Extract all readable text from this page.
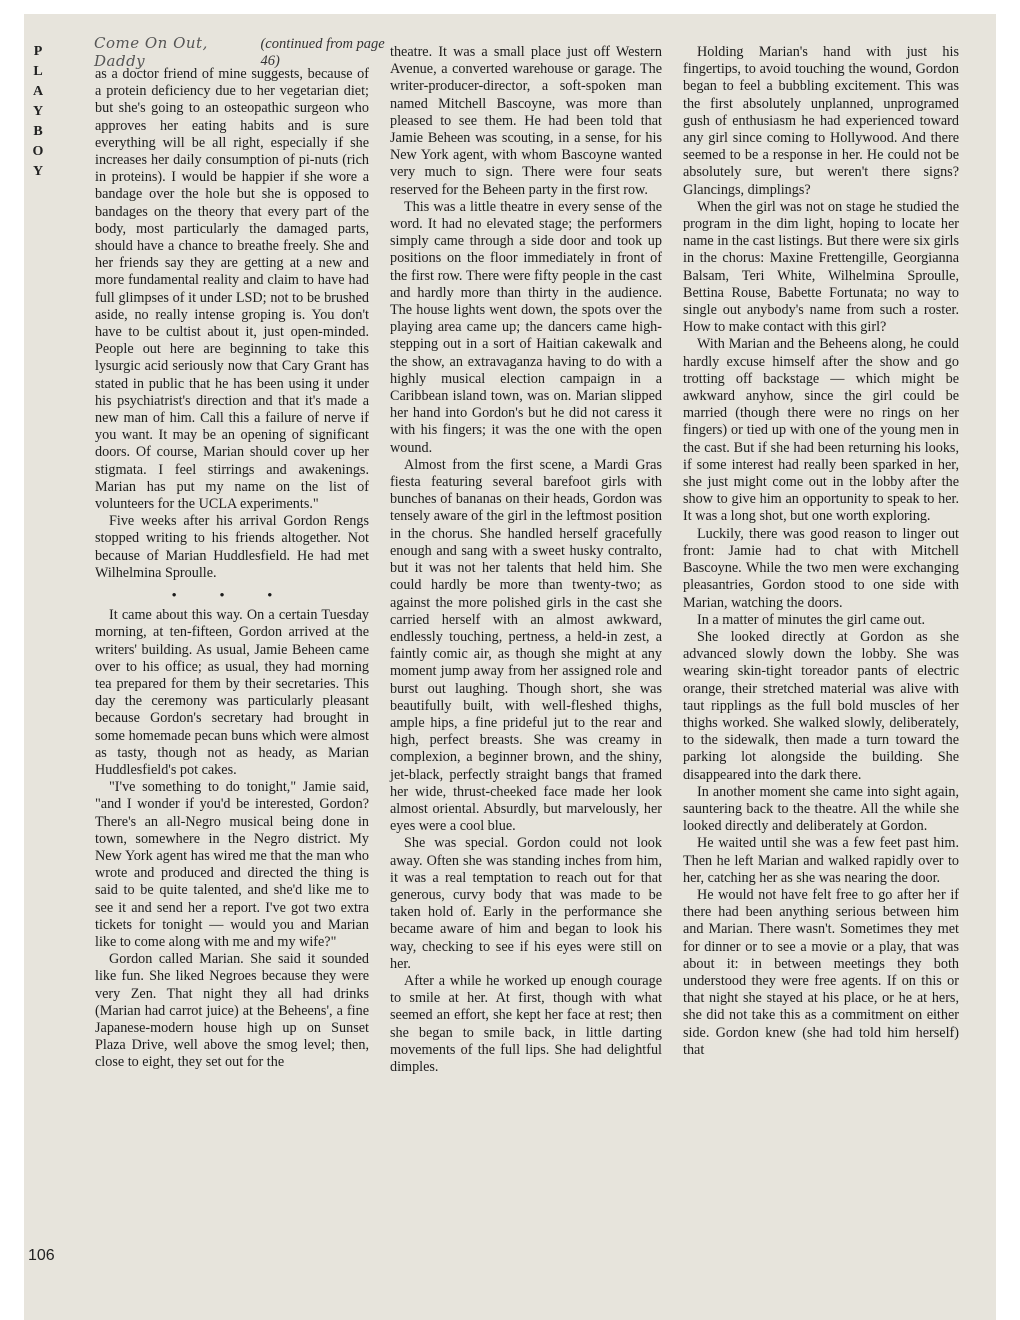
P
L
A
Y
B
O
Y
Come On Out, Daddy
(continued from page 46)

as a doctor friend of mine suggests, because of a protein deficiency due to her vegetarian diet; but she's going to an osteopathic surgeon who approves her eating habits and is sure everything will be all right, especially if she increases her daily consumption of pi-nuts (rich in proteins). I would be happier if she wore a bandage over the hole but she is opposed to bandages on the theory that every part of the body, most particularly the damaged parts, should have a chance to breathe freely. She and her friends say they are getting at a new and more fundamental reality and claim to have had full glimpses of it under LSD; not to be brushed aside, no really intense groping is. You don't have to be cultist about it, just open-minded. People out here are beginning to take this lysurgic acid seriously now that Cary Grant has stated in public that he has been using it under his psychiatrist's direction and that it's made a new man of him. Call this a failure of nerve if you want. It may be an opening of significant doors. Of course, Marian should cover up her stigmata. I feel stirrings and awakenings. Marian has put my name on the list of volunteers for the UCLA experiments."

Five weeks after his arrival Gordon Rengs stopped writing to his friends altogether. Not because of Marian Huddlesfield. He had met Wilhelmina Sproulle.

• • •

It came about this way. On a certain Tuesday morning, at ten-fifteen, Gordon arrived at the writers' building. As usual, Jamie Beheen came over to his office; as usual, they had morning tea prepared for them by their secretaries. This day the ceremony was particularly pleasant because Gordon's secretary had brought in some homemade pecan buns which were almost as tasty, though not as heady, as Marian Huddlesfield's pot cakes.

"I've something to do tonight," Jamie said, "and I wonder if you'd be interested, Gordon? There's an all-Negro musical being done in town, somewhere in the Negro district. My New York agent has wired me that the man who wrote and produced and directed the thing is said to be quite talented, and she'd like me to see it and send her a report. I've got two extra tickets for tonight — would you and Marian like to come along with me and my wife?"

Gordon called Marian. She said it sounded like fun. She liked Negroes because they were very Zen. That night they all had drinks (Marian had carrot juice) at the Beheens', a fine Japanese-modern house high up on Sunset Plaza Drive, well above the smog level; then, close to eight, they set out for the

theatre. It was a small place just off Western Avenue, a converted warehouse or garage. The writer-producer-director, a soft-spoken man named Mitchell Bascoyne, was more than pleased to see them. He had been told that Jamie Beheen was scouting, in a sense, for his New York agent, with whom Bascoyne wanted very much to sign. There were four seats reserved for the Beheen party in the first row.

This was a little theatre in every sense of the word. It had no elevated stage; the performers simply came through a side door and took up positions on the floor immediately in front of the first row. There were fifty people in the cast and hardly more than thirty in the audience. The house lights went down, the spots over the playing area came up; the dancers came high-stepping out in a sort of Haitian cakewalk and the show, an extravaganza having to do with a highly musical election campaign in a Caribbean island town, was on. Marian slipped her hand into Gordon's but he did not caress it with his fingers; it was the one with the open wound.

Almost from the first scene, a Mardi Gras fiesta featuring several barefoot girls with bunches of bananas on their heads, Gordon was tensely aware of the girl in the leftmost position in the chorus. She handled herself gracefully enough and sang with a sweet husky contralto, but it was not her talents that held him. She could hardly be more than twenty-two; as against the more polished girls in the cast she carried herself with an almost awkward, endlessly touching, pertness, a held-in zest, a faintly comic air, as though she might at any moment jump away from her assigned role and burst out laughing. Though short, she was beautifully built, with well-fleshed thighs, ample hips, a fine prideful jut to the rear and high, perfect breasts. She was creamy in complexion, a beginner brown, and the shiny, jet-black, perfectly straight bangs that framed her wide, thrust-cheeked face made her look almost oriental. Absurdly, but marvelously, her eyes were a cool blue.

She was special. Gordon could not look away. Often she was standing inches from him, it was a real temptation to reach out for that generous, curvy body that was made to be taken hold of. Early in the performance she became aware of him and began to look his way, checking to see if his eyes were still on her.

After a while he worked up enough courage to smile at her. At first, though with what seemed an effort, she kept her face at rest; then she began to smile back, in little darting movements of the full lips. She had delightful dimples.

Holding Marian's hand with just his fingertips, to avoid touching the wound, Gordon began to feel a bubbling excitement. This was the first absolutely unplanned, unprogramed gush of enthusiasm he had experienced toward any girl since coming to Hollywood. And there seemed to be a response in her. He could not be absolutely sure, but weren't there signs? Glancings, dimplings?

When the girl was not on stage he studied the program in the dim light, hoping to locate her name in the cast listings. But there were six girls in the chorus: Maxine Frettengille, Georgianna Balsam, Teri White, Wilhelmina Sproulle, Bettina Rouse, Babette Fortunata; no way to single out anybody's name from such a roster. How to make contact with this girl?

With Marian and the Beheens along, he could hardly excuse himself after the show and go trotting off backstage — which might be awkward anyhow, since the girl could be married (though there were no rings on her fingers) or tied up with one of the young men in the cast. But if she had been returning his looks, if some interest had really been sparked in her, she just might come out in the lobby after the show to give him an opportunity to speak to her. It was a long shot, but one worth exploring.

Luckily, there was good reason to linger out front: Jamie had to chat with Mitchell Bascoyne. While the two men were exchanging pleasantries, Gordon stood to one side with Marian, watching the doors.

In a matter of minutes the girl came out.

She looked directly at Gordon as she advanced slowly down the lobby. She was wearing skin-tight toreador pants of electric orange, their stretched material was alive with taut ripplings as the full bold muscles of her thighs worked. She walked slowly, deliberately, to the sidewalk, then made a turn toward the parking lot alongside the building. She disappeared into the dark there.

In another moment she came into sight again, sauntering back to the theatre. All the while she looked directly and deliberately at Gordon.

He waited until she was a few feet past him. Then he left Marian and walked rapidly over to her, catching her as she was nearing the door.

He would not have felt free to go after her if there had been anything serious between him and Marian. There wasn't. Sometimes they met for dinner or to see a movie or a play, that was about it: in between meetings they both understood they were free agents. If on this or that night she stayed at his place, or he at hers, she did not take this as a commitment on either side. Gordon knew (she had told him herself) that

106
